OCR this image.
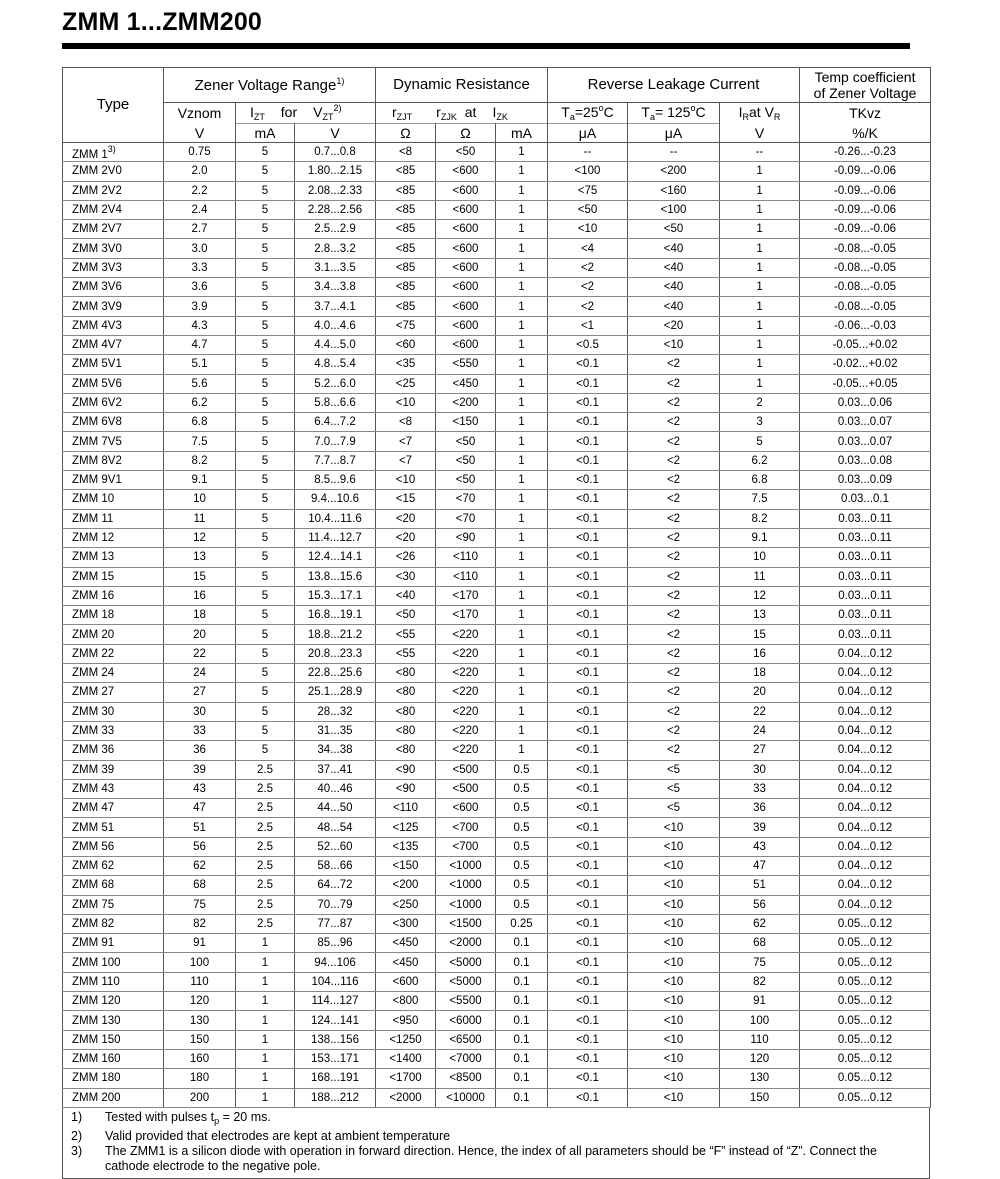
ZMM 1...ZMM200
Type	Zener Voltage Range$^{1)}$			Dynamic Resistance			Reverse Leakage Current			Temp coefficient
of Zener Voltage
	Vznom	$I_{ZT}$ for $V_{ZT}^{2)}$		$r_{ZJT}$ $r_{ZJK}$ at $I_{ZK}$			$T_a=25^oC$	$T_a= 125^oC$	$I_Rat$ $V_R$	TKvz
	V	mA	V	Ω	Ω	mA	μA	μA	V	%/K
ZMM 1$^{3)}$	0.75	5	0.7...0.8	<8	<50	1	--	--	--	-0.26...-0.23
ZMM 2V0	2.0	5	1.80...2.15	<85	<600	1	<100	<200	1	-0.09...-0.06
ZMM 2V2	2.2	5	2.08...2.33	<85	<600	1	<75	<160	1	-0.09...-0.06
ZMM 2V4	2.4	5	2.28...2.56	<85	<600	1	<50	<100	1	-0.09...-0.06
ZMM 2V7	2.7	5	2.5...2.9	<85	<600	1	<10	<50	1	-0.09...-0.06
ZMM 3V0	3.0	5	2.8...3.2	<85	<600	1	<4	<40	1	-0.08...-0.05
ZMM 3V3	3.3	5	3.1...3.5	<85	<600	1	<2	<40	1	-0.08...-0.05
ZMM 3V6	3.6	5	3.4...3.8	<85	<600	1	<2	<40	1	-0.08...-0.05
ZMM 3V9	3.9	5	3.7...4.1	<85	<600	1	<2	<40	1	-0.08...-0.05
ZMM 4V3	4.3	5	4.0...4.6	<75	<600	1	<1	<20	1	-0.06...-0.03
ZMM 4V7	4.7	5	4.4...5.0	<60	<600	1	<0.5	<10	1	-0.05...+0.02
ZMM 5V1	5.1	5	4.8...5.4	<35	<550	1	<0.1	<2	1	-0.02...+0.02
ZMM 5V6	5.6	5	5.2...6.0	<25	<450	1	<0.1	<2	1	-0.05...+0.05
ZMM 6V2	6.2	5	5.8...6.6	<10	<200	1	<0.1	<2	2	0.03...0.06
ZMM 6V8	6.8	5	6.4...7.2	<8	<150	1	<0.1	<2	3	0.03...0.07
ZMM 7V5	7.5	5	7.0...7.9	<7	<50	1	<0.1	<2	5	0.03...0.07
ZMM 8V2	8.2	5	7.7...8.7	<7	<50	1	<0.1	<2	6.2	0.03...0.08
ZMM 9V1	9.1	5	8.5...9.6	<10	<50	1	<0.1	<2	6.8	0.03...0.09
ZMM 10	10	5	9.4...10.6	<15	<70	1	<0.1	<2	7.5	0.03...0.1
ZMM 11	11	5	10.4...11.6	<20	<70	1	<0.1	<2	8.2	0.03...0.11
ZMM 12	12	5	11.4...12.7	<20	<90	1	<0.1	<2	9.1	0.03...0.11
ZMM 13	13	5	12.4...14.1	<26	<110	1	<0.1	<2	10	0.03...0.11
ZMM 15	15	5	13.8...15.6	<30	<110	1	<0.1	<2	11	0.03...0.11
ZMM 16	16	5	15.3...17.1	<40	<170	1	<0.1	<2	12	0.03...0.11
ZMM 18	18	5	16.8...19.1	<50	<170	1	<0.1	<2	13	0.03...0.11
ZMM 20	20	5	18.8...21.2	<55	<220	1	<0.1	<2	15	0.03...0.11
ZMM 22	22	5	20.8...23.3	<55	<220	1	<0.1	<2	16	0.04...0.12
ZMM 24	24	5	22.8...25.6	<80	<220	1	<0.1	<2	18	0.04...0.12
ZMM 27	27	5	25.1...28.9	<80	<220	1	<0.1	<2	20	0.04...0.12
ZMM 30	30	5	28...32	<80	<220	1	<0.1	<2	22	0.04...0.12
ZMM 33	33	5	31...35	<80	<220	1	<0.1	<2	24	0.04...0.12
ZMM 36	36	5	34...38	<80	<220	1	<0.1	<2	27	0.04...0.12
ZMM 39	39	2.5	37...41	<90	<500	0.5	<0.1	<5	30	0.04...0.12
ZMM 43	43	2.5	40...46	<90	<500	0.5	<0.1	<5	33	0.04...0.12
ZMM 47	47	2.5	44...50	<110	<600	0.5	<0.1	<5	36	0.04...0.12
ZMM 51	51	2.5	48...54	<125	<700	0.5	<0.1	<10	39	0.04...0.12
ZMM 56	56	2.5	52...60	<135	<700	0.5	<0.1	<10	43	0.04...0.12
ZMM 62	62	2.5	58...66	<150	<1000	0.5	<0.1	<10	47	0.04...0.12
ZMM 68	68	2.5	64...72	<200	<1000	0.5	<0.1	<10	51	0.04...0.12
ZMM 75	75	2.5	70...79	<250	<1000	0.5	<0.1	<10	56	0.04...0.12
ZMM 82	82	2.5	77...87	<300	<1500	0.25	<0.1	<10	62	0.05...0.12
ZMM 91	91	1	85...96	<450	<2000	0.1	<0.1	<10	68	0.05...0.12
ZMM 100	100	1	94...106	<450	<5000	0.1	<0.1	<10	75	0.05...0.12
ZMM 110	110	1	104...116	<600	<5000	0.1	<0.1	<10	82	0.05...0.12
ZMM 120	120	1	114...127	<800	<5500	0.1	<0.1	<10	91	0.05...0.12
ZMM 130	130	1	124...141	<950	<6000	0.1	<0.1	<10	100	0.05...0.12
ZMM 150	150	1	138...156	<1250	<6500	0.1	<0.1	<10	110	0.05...0.12
ZMM 160	160	1	153...171	<1400	<7000	0.1	<0.1	<10	120	0.05...0.12
ZMM 180	180	1	168...191	<1700	<8500	0.1	<0.1	<10	130	0.05...0.12
ZMM 200	200	1	188...212	<2000	<10000	0.1	<0.1	<10	150	0.05...0.12
1)	Tested with pulses $t_p = 20$ ms.
2)	Valid provided that electrodes are kept at ambient temperature
3)	The ZMM1 is a silicon diode with operation in forward direction. Hence, the index of all parameters should be “F” instead of “Z”. Connect the cathode electrode to the negative pole.
